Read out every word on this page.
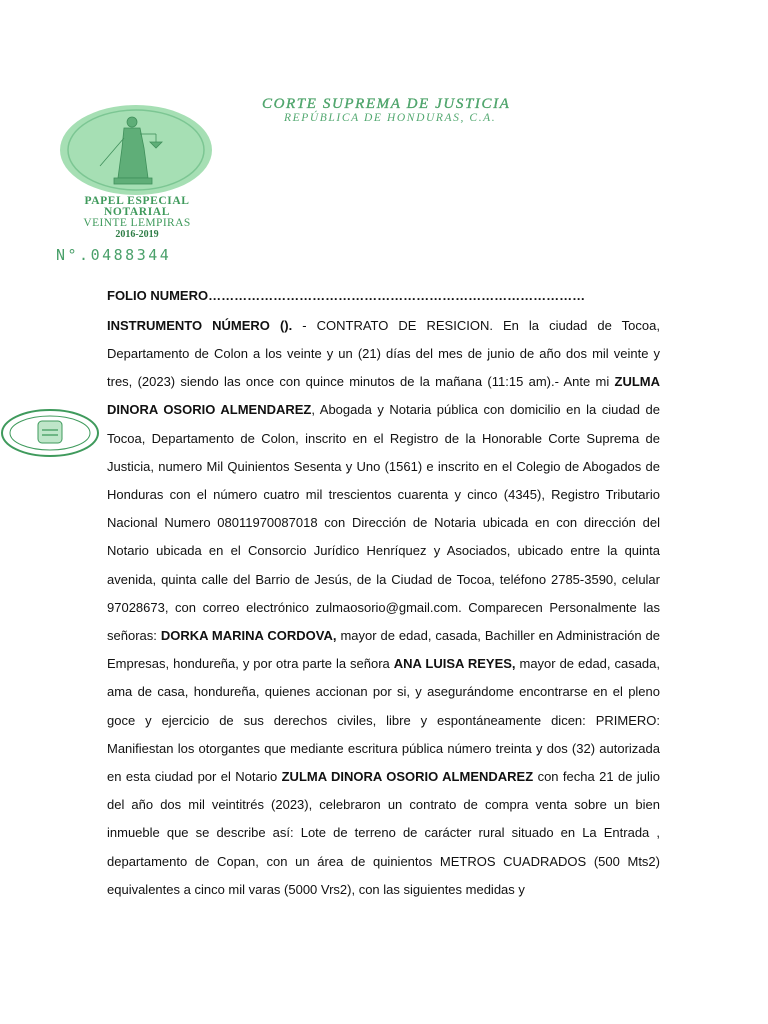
CORTE SUPREMA DE JUSTICIA
REPÚBLICA DE HONDURAS, C.A.
PAPEL ESPECIAL
NOTARIAL
VEINTE LEMPIRAS
2016-2019
N°.0488344

FOLIO NUMERO……………………………………………………………………………

INSTRUMENTO NÚMERO (). - CONTRATO DE RESICION. En la ciudad de Tocoa, Departamento de Colon a los veinte y un (21) días del mes de junio de año dos mil veinte y tres, (2023) siendo las once con quince minutos de la mañana (11:15 am).- Ante mi ZULMA DINORA OSORIO ALMENDAREZ, Abogada y Notaria pública con domicilio en la ciudad de Tocoa, Departamento de Colon, inscrito en el Registro de la Honorable Corte Suprema de Justicia, numero Mil Quinientos Sesenta y Uno (1561) e inscrito en el Colegio de Abogados de Honduras con el número cuatro mil trescientos cuarenta y cinco (4345), Registro Tributario Nacional Numero 08011970087018 con Dirección de Notaria ubicada en con dirección del Notario ubicada en el Consorcio Jurídico Henríquez y Asociados, ubicado entre la quinta avenida, quinta calle del Barrio de Jesús, de la Ciudad de Tocoa, teléfono 2785-3590, celular 97028673, con correo electrónico zulmaosorio@gmail.com. Comparecen Personalmente las señoras: DORKA MARINA CORDOVA, mayor de edad, casada, Bachiller en Administración de Empresas, hondureña, y por otra parte la señora ANA LUISA REYES, mayor de edad, casada, ama de casa, hondureña, quienes accionan por si, y asegurándome encontrarse en el pleno goce y ejercicio de sus derechos civiles, libre y espontáneamente dicen: PRIMERO: Manifiestan los otorgantes que mediante escritura pública número treinta y dos (32) autorizada en esta ciudad por el Notario ZULMA DINORA OSORIO ALMENDAREZ con fecha 21 de julio del año dos mil veintitrés (2023), celebraron un contrato de compra venta sobre un bien inmueble que se describe así: Lote de terreno de carácter rural situado en La Entrada , departamento de Copan, con un área de quinientos METROS CUADRADOS (500 Mts2) equivalentes a cinco mil varas (5000 Vrs2), con las siguientes medidas y
